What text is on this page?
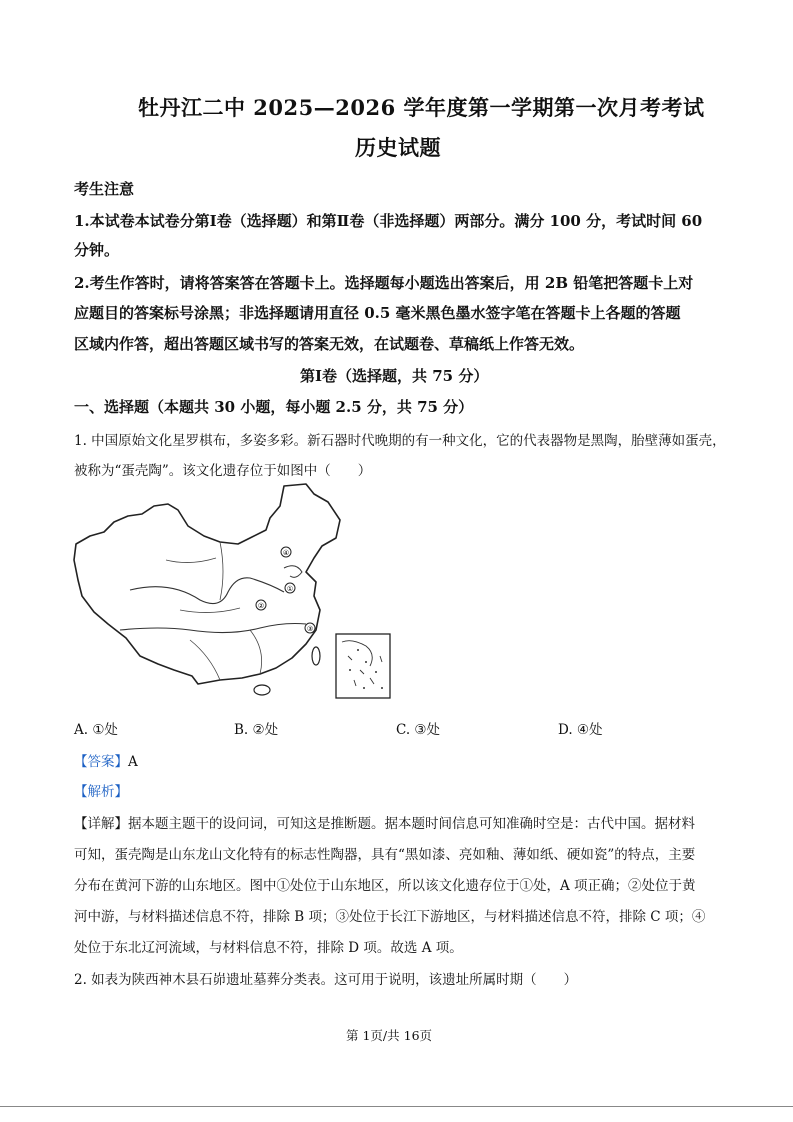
牡丹江二中 2025—2026 学年度第一学期第一次月考考试
历史试题
考生注意
1.本试卷本试卷分第Ⅰ卷（选择题）和第Ⅱ卷（非选择题）两部分。满分 100 分，考试时间 60
分钟。
2.考生作答时，请将答案答在答题卡上。选择题每小题选出答案后，用 2B 铅笔把答题卡上对
应题目的答案标号涂黑；非选择题请用直径 0.5 毫米黑色墨水签字笔在答题卡上各题的答题
区域内作答，超出答题区域书写的答案无效，在试题卷、草稿纸上作答无效。
第Ⅰ卷（选择题，共 75 分）
一、选择题（本题共 30 小题，每小题 2.5 分，共 75 分）
1. 中国原始文化星罗棋布，多姿多彩。新石器时代晚期的有一种文化，它的代表器物是黑陶，胎壁薄如蛋壳，
被称为“蛋壳陶”。该文化遗存位于如图中（　　）
①
②
③
④
A. ①处	B. ②处	C. ③处	D. ④处
【答案】A
【解析】
【详解】据本题主题干的设问词，可知这是推断题。据本题时间信息可知准确时空是：古代中国。据材料
可知，蛋壳陶是山东龙山文化特有的标志性陶器，具有“黑如漆、亮如釉、薄如纸、硬如瓷”的特点，主要
分布在黄河下游的山东地区。图中①处位于山东地区，所以该文化遗存位于①处，A 项正确；②处位于黄
河中游，与材料描述信息不符，排除 B 项；③处位于长江下游地区，与材料描述信息不符，排除 C 项；④
处位于东北辽河流域，与材料信息不符，排除 D 项。故选 A 项。
2. 如表为陕西神木县石峁遗址墓葬分类表。这可用于说明，该遗址所属时期（　　）
第 1页/共 16页
